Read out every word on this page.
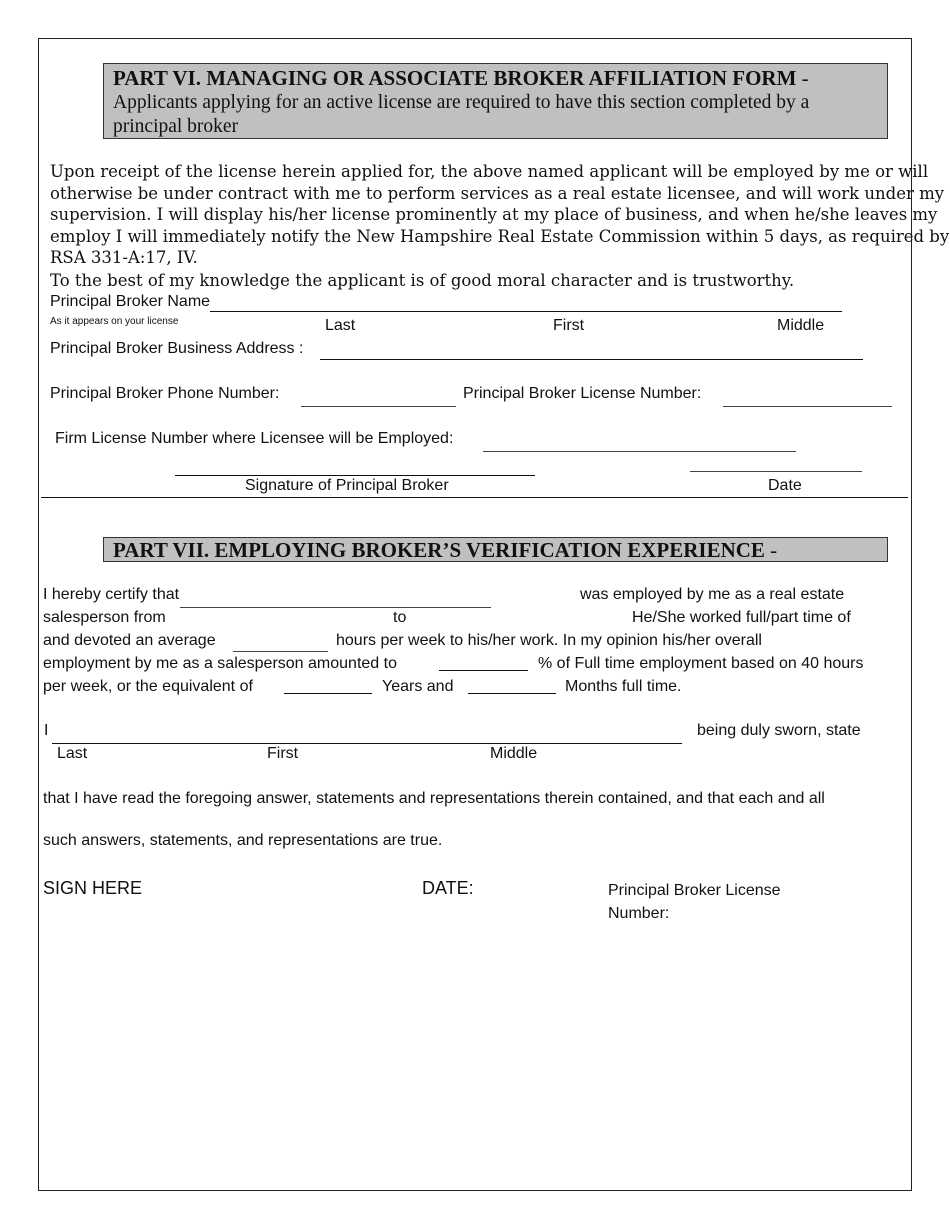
PART VI. MANAGING OR ASSOCIATE BROKER AFFILIATION FORM -
Applicants applying for an active license are required to have this section completed by a
principal broker
Upon receipt of the license herein applied for, the above named applicant will be employed by me or will
otherwise be under contract with me to perform services as a real estate licensee, and will work under my
supervision. I will display his/her license prominently at my place of business, and when he/she leaves my
employ I will immediately notify the New Hampshire Real Estate Commission within 5 days, as required by
RSA 331-A:17, IV.
To the best of my knowledge the applicant is of good moral character and is trustworthy.
Principal Broker Name
As it appears on your license	Last	First	Middle
Principal Broker Business Address :
Principal Broker Phone Number:	Principal Broker License Number:
Firm License Number where Licensee will be Employed:
Signature of Principal Broker	Date
PART VII. EMPLOYING BROKER’S VERIFICATION EXPERIENCE -
I hereby certify that	was employed by me as a real estate
salesperson from	to	He/She worked full/part time of
and devoted an average	hours per week to his/her work. In my opinion his/her overall
employment by me as a salesperson amounted to	% of Full time employment based on 40 hours
per week, or the equivalent of	Years and	Months full time.
I	being duly sworn, state
Last	First	Middle
that I have read the foregoing answer, statements and representations therein contained, and that each and all
such answers, statements, and representations are true.
SIGN HERE	DATE:	Principal Broker License
Number:
